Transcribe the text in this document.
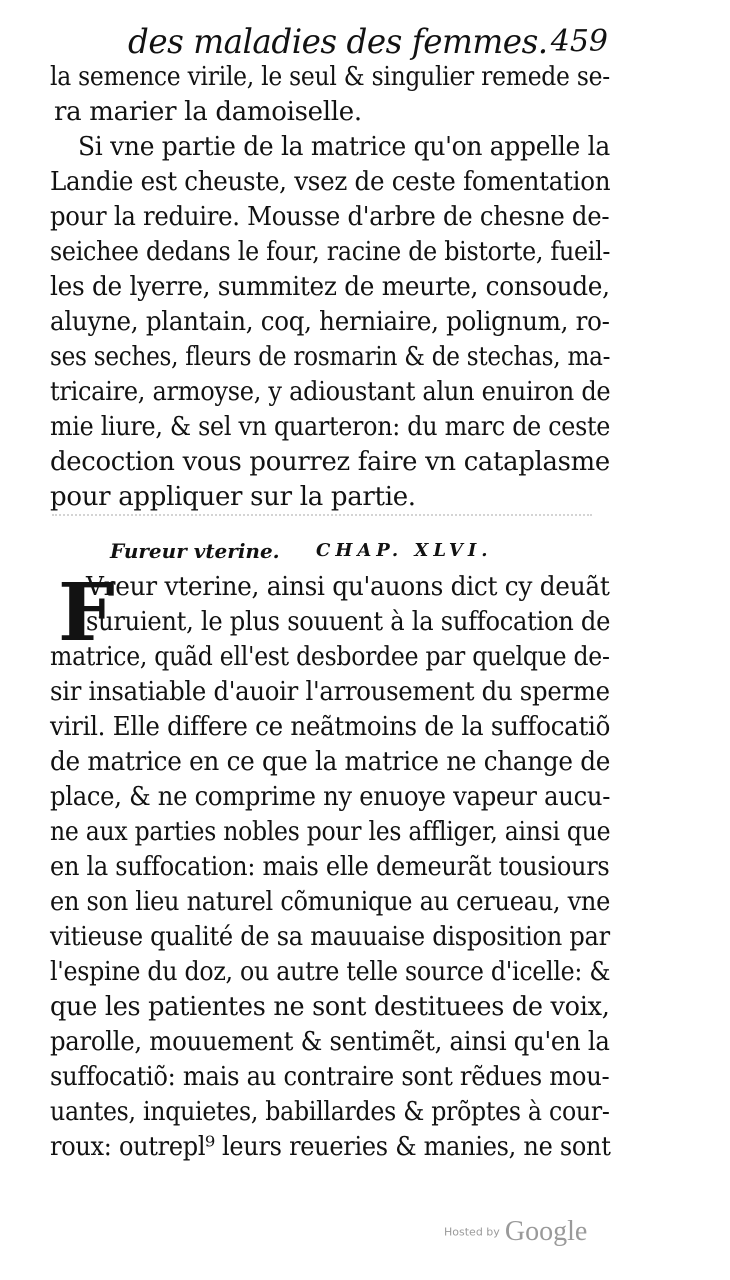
des maladies des femmes. 459
la semence virile, le seul & singulier remede se-
ra marier la damoiselle.
Si vne partie de la matrice qu'on appelle la
Landie est cheuste, vsez de ceste fomentation
pour la reduire. Mousse d'arbre de chesne de-
seichee dedans le four, racine de bistorte, fueil-
les de lyerre, summitez de meurte, consoude,
aluyne, plantain, coq, herniaire, polignum, ro-
ses seches, fleurs de rosmarin & de stechas, ma-
tricaire, armoyse, y adioustant alun enuiron de
mie liure, & sel vn quarteron: du marc de ceste
decoction vous pourrez faire vn cataplasme
pour appliquer sur la partie.
Fureur vterine. CHAP. XLVI.
F
Vreur vterine, ainsi qu'auons dict cy deuãt
suruient, le plus souuent à la suffocation de
matrice, quãd ell'est desbordee par quelque de-
sir insatiable d'auoir l'arrousement du sperme
viril. Elle differe ce neãtmoins de la suffocatiõ
de matrice en ce que la matrice ne change de
place, & ne comprime ny enuoye vapeur aucu-
ne aux parties nobles pour les affliger, ainsi que
en la suffocation: mais elle demeurãt tousiours
en son lieu naturel cõmunique au cerueau, vne
vitieuse qualité de sa mauuaise disposition par
l'espine du doz, ou autre telle source d'icelle: &
que les patientes ne sont destituees de voix,
parolle, mouuement & sentimẽt, ainsi qu'en la
suffocatiõ: mais au contraire sont rẽdues mou-
uantes, inquietes, babillardes & prõptes à cour-
roux: outrepl⁹ leurs reueries & manies, ne sont
Hosted by Google
